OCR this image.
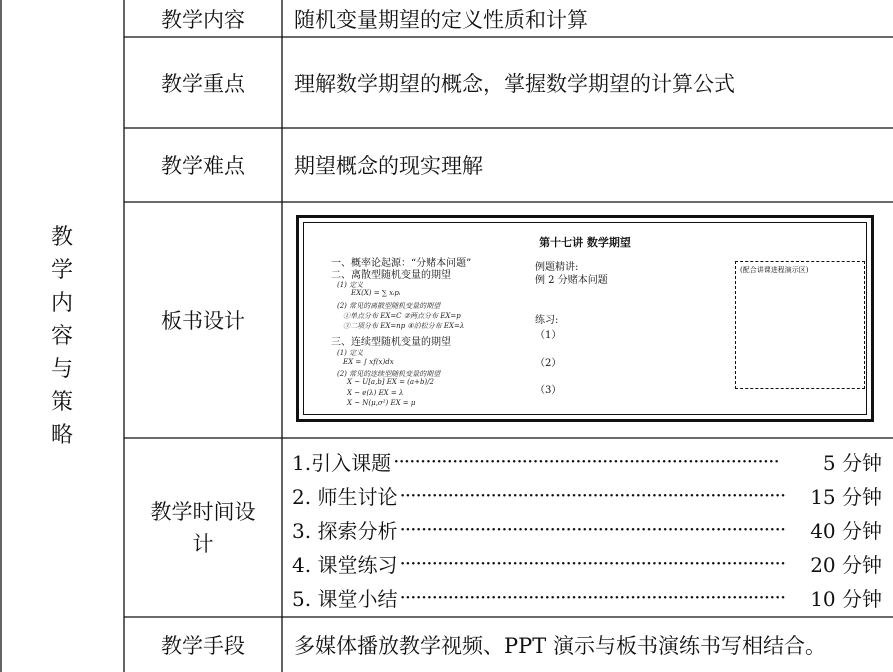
教
学
内
容
与
策
略
教学内容	随机变量期望的定义性质和计算
教学重点	理解数学期望的概念，掌握数学期望的计算公式
教学难点	期望概念的现实理解
板书设计
第十七讲 数学期望
一、概率论起源：“分赌本问题”
二、离散型随机变量的期望
(1) 定义
EX(X) = ∑ xᵢpᵢ
(2) 常见的离散型随机变量的期望
①单点分布 EX=C ②两点分布 EX=p
③二项分布 EX=np ④泊松分布 EX=λ
三、连续型随机变量的期望
(1) 定义
EX = ∫ xf(x)dx
(2) 常见的连续型随机变量的期望
X ~ U[a,b] EX = (a+b)/2
X ~ e(λ) EX = λ
X ~ N(μ,σ²) EX = μ
例题精讲:
例 2 分赌本问题
练习:
（1）
（2）
（3）
(配合讲课进程演示区)
教学时间设
计
1.引入课题 ········································································	5 分钟
2. 师生讨论 ········································································	15 分钟
3. 探索分析 ········································································	40 分钟
4. 课堂练习 ········································································	20 分钟
5. 课堂小结 ········································································	10 分钟
教学手段	多媒体播放教学视频、PPT 演示与板书演练书写相结合。
